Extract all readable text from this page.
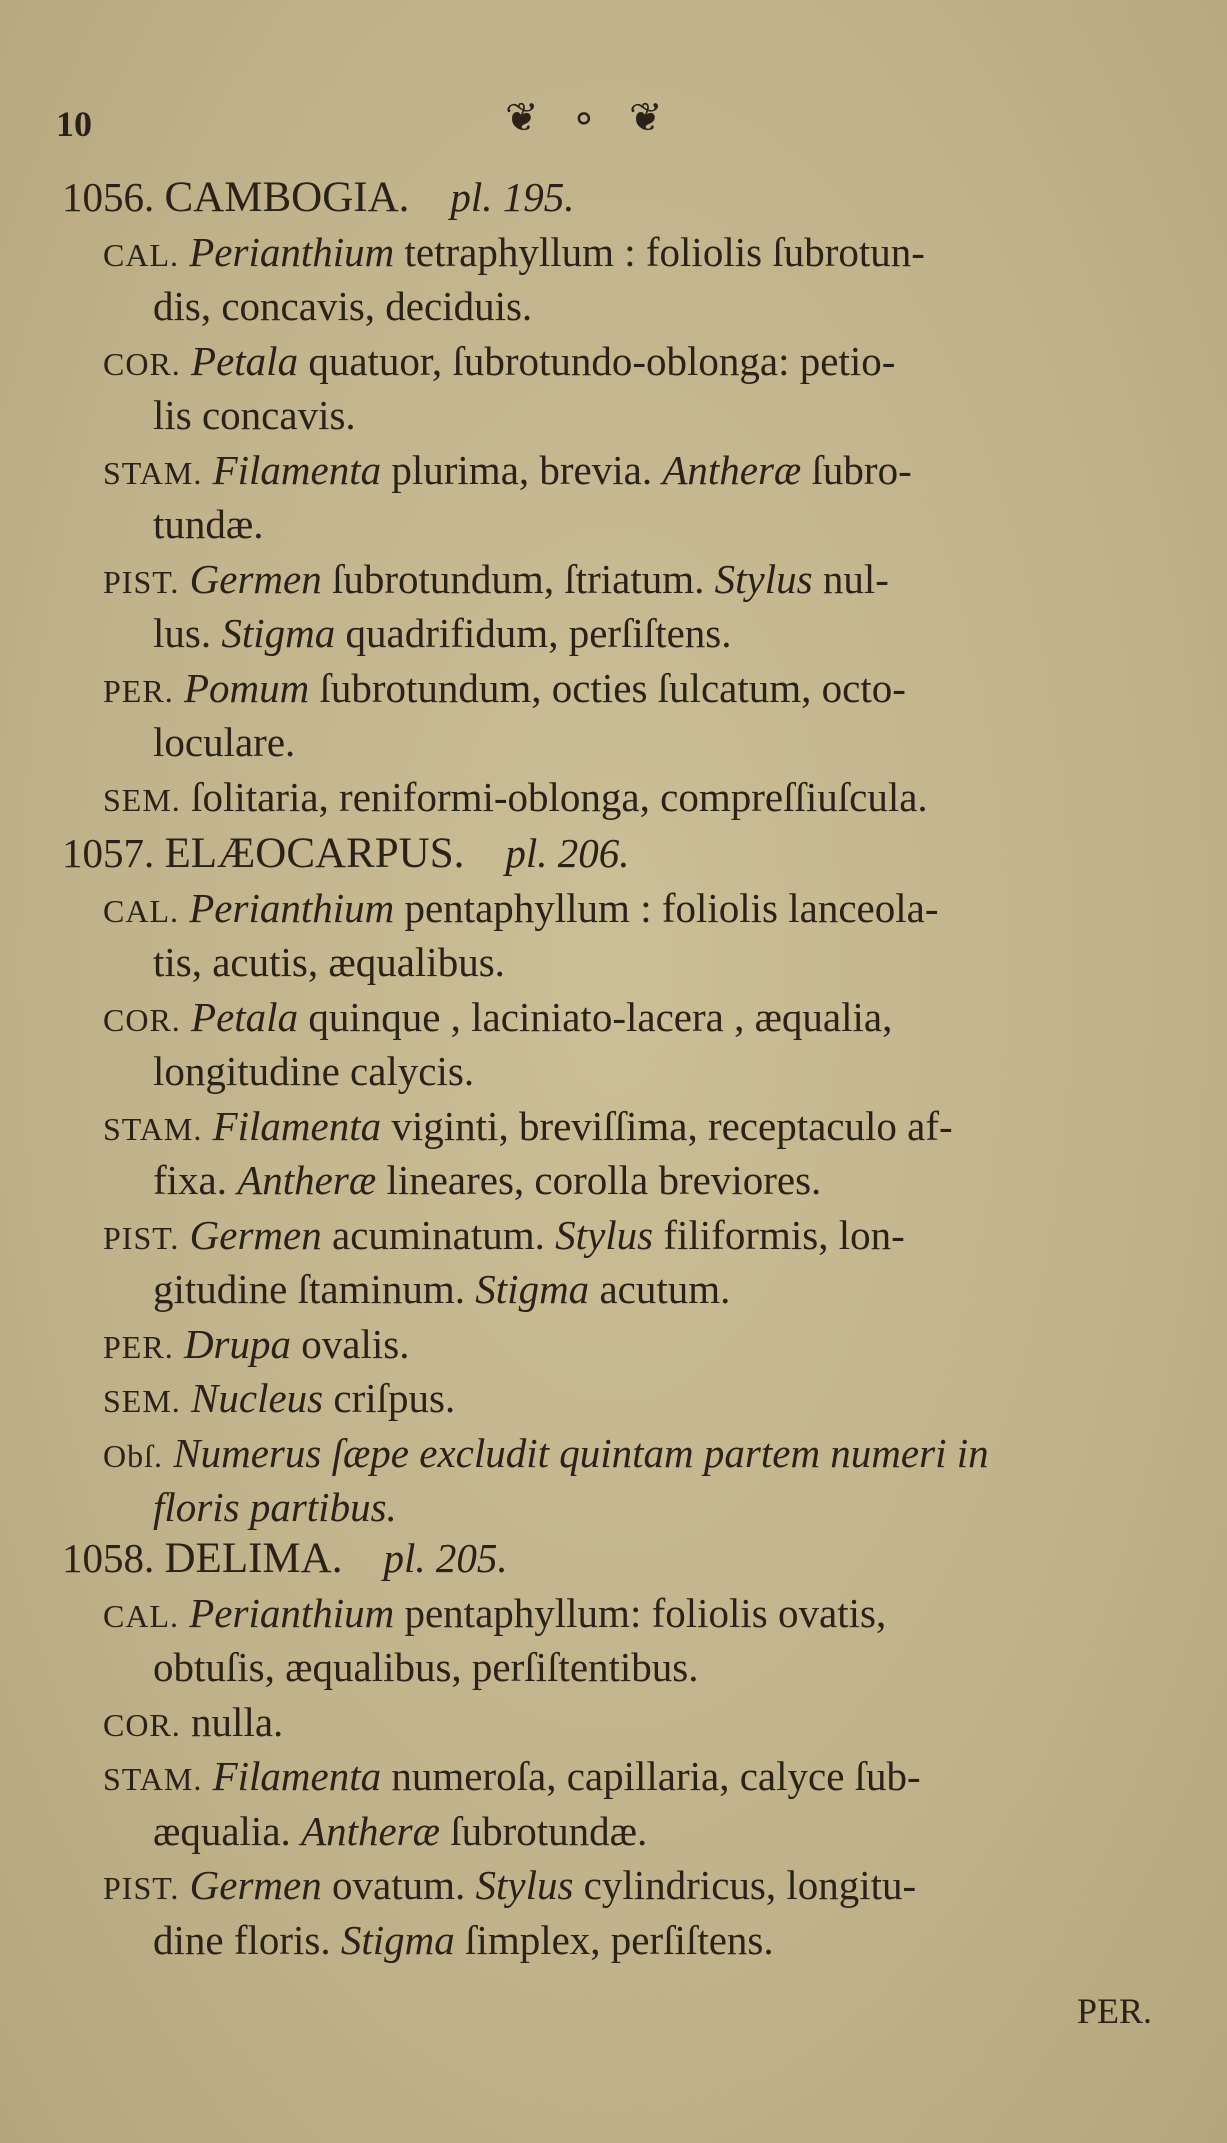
10	❦ ∘ ❦
1056. CAMBOGIA. pl. 195.
CAL. Perianthium tetraphyllum : foliolis ſubrotun-
dis, concavis, deciduis.
COR. Petala quatuor, ſubrotundo-oblonga: petio-
lis concavis.
STAM. Filamenta plurima, brevia. Antheræ ſubro-
tundæ.
PIST. Germen ſubrotundum, ſtriatum. Stylus nul-
lus. Stigma quadrifidum, perſiſtens.
PER. Pomum ſubrotundum, octies ſulcatum, octo-
loculare.
SEM. ſolitaria, reniformi-oblonga, compreſſiuſcula.
1057. ELÆOCARPUS. pl. 206.
CAL. Perianthium pentaphyllum : foliolis lanceola-
tis, acutis, æqualibus.
COR. Petala quinque , laciniato-lacera , æqualia,
longitudine calycis.
STAM. Filamenta viginti, breviſſima, receptaculo af-
fixa. Antheræ lineares, corolla breviores.
PIST. Germen acuminatum. Stylus filiformis, lon-
gitudine ſtaminum. Stigma acutum.
PER. Drupa ovalis.
SEM. Nucleus criſpus.
Obſ. Numerus ſæpe excludit quintam partem numeri in
floris partibus.
1058. DELIMA. pl. 205.
CAL. Perianthium pentaphyllum: foliolis ovatis,
obtuſis, æqualibus, perſiſtentibus.
COR. nulla.
STAM. Filamenta numeroſa, capillaria, calyce ſub-
æqualia. Antheræ ſubrotundæ.
PIST. Germen ovatum. Stylus cylindricus, longitu-
dine floris. Stigma ſimplex, perſiſtens.
PER.
